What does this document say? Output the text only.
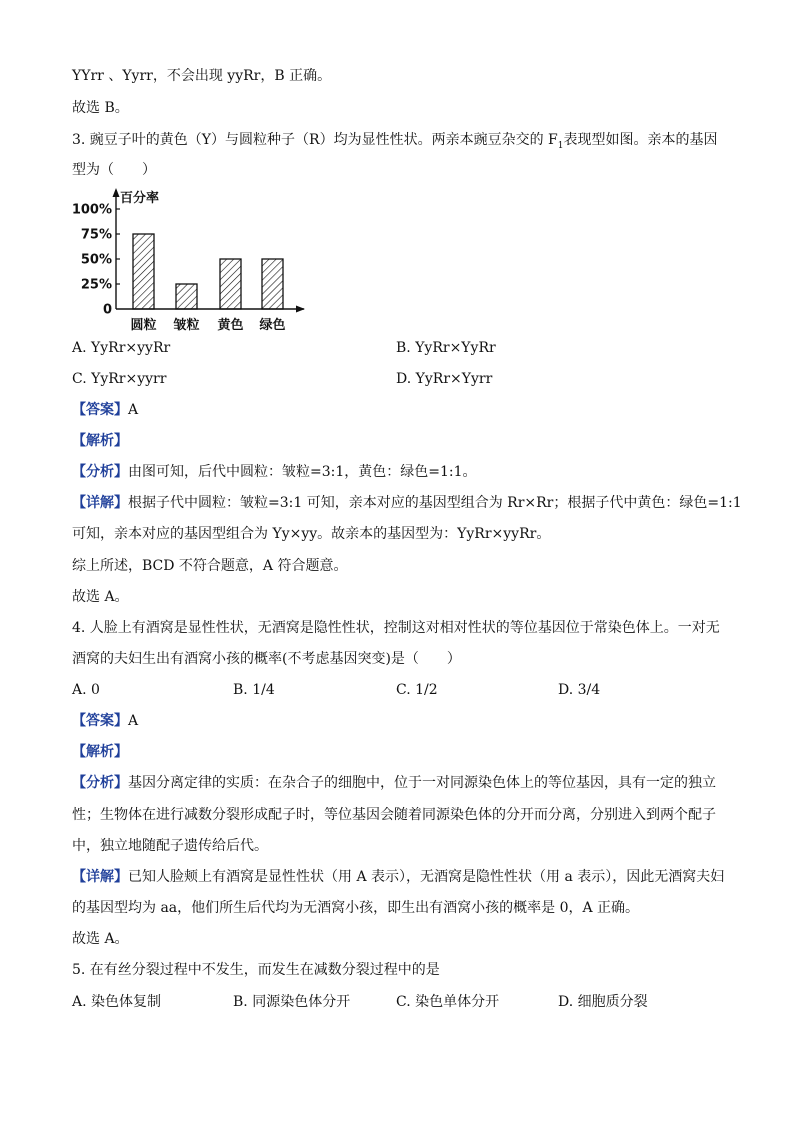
YYrr 、Yyrr，不会出现 yyRr，B 正确。
故选 B。
3. 豌豆子叶的黄色（Y）与圆粒种子（R）均为显性性状。两亲本豌豆杂交的 $F_1$表现型如图。亲本的基因
型为（　　）
百分率
0
25%
50%
75%
100%
圆粒 皱粒 黄色 绿色
A. YyRr×yyRr	B. YyRr×YyRr
C. YyRr×yyrr	D. YyRr×Yyrr
【答案】A
【解析】
【分析】由图可知，后代中圆粒：皱粒=3:1，黄色：绿色=1:1。
【详解】根据子代中圆粒：皱粒=3:1 可知，亲本对应的基因型组合为 Rr×Rr；根据子代中黄色：绿色=1:1
可知，亲本对应的基因型组合为 Yy×yy。故亲本的基因型为：YyRr×yyRr。
综上所述，BCD 不符合题意，A 符合题意。
故选 A。
4. 人脸上有酒窝是显性性状，无酒窝是隐性性状，控制这对相对性状的等位基因位于常染色体上。一对无
酒窝的夫妇生出有酒窝小孩的概率(不考虑基因突变)是（　　）
A. 0	B. 1/4	C. 1/2	D. 3/4
【答案】A
【解析】
【分析】基因分离定律的实质：在杂合子的细胞中，位于一对同源染色体上的等位基因，具有一定的独立
性；生物体在进行减数分裂形成配子时，等位基因会随着同源染色体的分开而分离，分别进入到两个配子
中，独立地随配子遗传给后代。
【详解】已知人脸颊上有酒窝是显性性状（用 A 表示），无酒窝是隐性性状（用 a 表示），因此无酒窝夫妇
的基因型均为 aa，他们所生后代均为无酒窝小孩，即生出有酒窝小孩的概率是 0，A 正确。
故选 A。
5. 在有丝分裂过程中不发生，而发生在减数分裂过程中的是
A. 染色体复制	B. 同源染色体分开	C. 染色单体分开	D. 细胞质分裂
